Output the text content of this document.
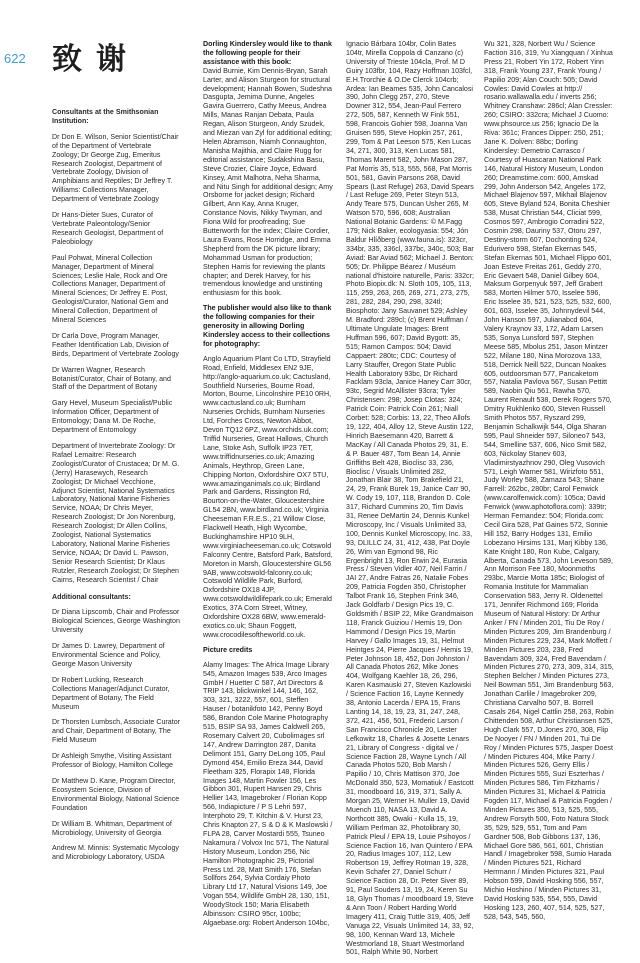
622 致谢
Consultants at the Smithsonian Institution:
Dr Don E. Wilson, Senior Scientist/Chair of the Department of Vertebrate Zoology; Dr George Zug, Emeritus Research Zoologist, Department of Vertebrate Zoology, Division of Amphibians and Reptiles; Dr Jeffrey T. Williams: Collections Manager, Department of Vertebrate Zoology
Dr Hans-Dieter Sues, Curator of Vertebrate Paleontology/Senior Research Geologist, Department of Paleobiology
Paul Pohwat, Mineral Collection Manager, Department of Mineral Sciences; Leslie Hale, Rock and Ore Collections Manager, Department of Mineral Sciences; Dr Jeffrey E. Post, Geologist/Curator, National Gem and Mineral Collection, Department of Mineral Sciences
Dr Carla Dove, Program Manager, Feather Identification Lab, Division of Birds, Department of Vertebrate Zoology
Dr Warren Wagner, Research Botanist/Curator, Chair of Botany, and Staff of the Department of Botany
Gary Hevel, Museum Specialist/Public Information Officer, Department of Entomology; Dana M. De Roche, Department of Entomology
Department of Invertebrate Zoology: Dr Rafael Lemaitre: Research Zoologist/Curator of Crustacea; Dr M. G. (Jerry) Harasewych, Research Zoologist; Dr Michael Vecchione, Adjunct Scientist, National Systematics Laboratory, National Marine Fisheries Service, NOAA; Dr Chris Meyer, Research Zoologist; Dr Jon Norenburg, Research Zoologist; Dr Allen Collins, Zoologist, National Systematics Laboratory, National Marine Fisheries Service, NOAA; Dr David L. Pawson, Senior Research Scientist; Dr Klaus Rutzler, Research Zoologist; Dr Stephen Cairns, Research Scientist / Chair
Additional consultants:
Dr Diana Lipscomb, Chair and Professor Biological Sciences, George Washington University
Dr James D. Lawrey, Department of Environmental Science and Policy, George Mason University
Dr Robert Lucking, Research Collections Manager/Adjunct Curator, Department of Botany, The Field Museum
Dr Thorsten Lumbsch, Associate Curator and Chair, Department of Botany, The Field Museum
Dr Ashleigh Smythe, Visiting Assistant Professor of Biology, Hamilton College
Dr Matthew D. Kane, Program Director, Ecosystem Science, Division of Environmental Biology, National Science Foundation
Dr William B. Whitman, Department of Microbiology, University of Georgia
Andrew M. Minnis: Systematic Mycology and Microbiology Laboratory, USDA
Dorling Kindersley would like to thank the following people for their assistance with this book:
David Burnie, Kim Dennis-Bryan, Sarah Larter, and Alison Sturgeon for structural development; Hannah Bowen, Sudeshna Dasgupta, Jemima Dunne, Angeles Gavira Guerrero, Cathy Meeus, Andrea Mills, Manas Ranjan Debata, Paula Regan, Alison Sturgeon, Andy Szudek, and Miezan van Zyl for additional editing; Helen Abramson, Niamh Connaughton, Manisha Majithia, and Claire Rugg for editorial assistance; Sudakshina Basu, Steve Crozier, Claire Joyce, Edward Kinsey, Amit Malhotra, Neha Sharma, and Nitu Singh for additional design; Amy Orsborne for jacket design; Richard Gilbert, Ann Kay, Anna Kruger, Constance Novis, Nikky Twyman, and Fiona Wild for proofreading; Sue Butterworth for the index; Claire Cordier, Laura Evans, Rose Horridge, and Emma Shepherd from the DK picture library; Mohammad Usman for production; Stephen Harris for reviewing the plants chapter; and Derek Harvey, for his tremendous knowledge and unstinting enthusiasm for this book.
The publisher would also like to thank the following companies for their generosity in allowing Dorling Kindersley access to their collections for photography:
Anglo Aquarium Plant Co LTD, Strayfield Road, Enfield, Middlesex EN2 9JE, http://anglo-aquarium.co.uk; Cactusland, Southfield Nurseries, Bourne Road, Morton, Bourne, Lincolnshire PE10 0RH, www.cactusland.co.uk; Burnham Nurseries Orchids, Burnham Nurseries Ltd, Forches Cross, Newton Abbot, Devon TQ12 6PZ, www.orchids.uk.com; Triffid Nurseries, Great Hallows, Church Lane, Stoke Ash, Suffolk IP23 7ET, www.triffidnurseries.co.uk; Amazing Animals, Heythrop, Green Lane, Chipping Norton, Oxfordshire OX7 5TU, www.amazinganimals.co.uk; Birdland Park and Gardens, Rissington Rd, Bourton-on-the-Water, Gloucestershire GL54 2BN, www.birdland.co.uk; Virginia Cheeseman F.R.E.S., 21 Willow Close, Flackwell Heath, High Wycombe, Buckinghamshire HP10 9LH, www.virginiacheeseman.co.uk; Cotswold Falconry Centre, Batsford Park, Batsford, Moreton in Marsh, Gloucestershire GL56 9AB, www.cotswold-falconry.co.uk; Cotswold Wildlife Park, Burford, Oxfordshire OX18 4JP, www.cotswoldwildlifepark.co.uk; Emerald Exotics, 37A Corn Street, Witney, Oxfordshire OX28 6BW, www.emerald-exotics.co.uk; Shaun Foggett, www.crocodilesoftheworld.co.uk.
Picture credits
Alamy Images: The Africa Image Library 545, Amazon Images 539, Arco Images GmbH / Huetter C 587, Art Directors & TRIP 143, blickwinkel 144, 146, 162, 303, 321, 3222, 557, 601, Steffen Hauser / botanikfoto 142, Penny Boyd 586, Brandon Cole Marine Photography 515, BSIP SA 93, James Caldwell 265, Rosemary Calvert 20, Cubolimages srl 147, Andrew Darrington 287, Danita Delimont 151, Garry DeLong 105, Paul Dymond 454, Emilio Ereza 344, David Fleetham 325, Florapix 148, Florida Images 148, Martin Fowler 156, Les Gibbon 301, Rupert Hansen 29, Chris Hellier 143, Imagebroker / Florian Kopp 566, Indiapicture / P S Lehri 597, Interphoto 29, T. Kitchin & V. Hurst 23, Chris Knapton 27, S & D & K Maslowski / FLPA 28, Carver Mostardi 555, Tsuneo Nakamura / Volvox Inc 571, The Natural History Museum, London 256, Nic Hamilton Photographic 29, Pictorial Press Ltd. 28, Matt Smith 176, Stefan Sollfors 264, Sylvia Cordaiy Photo Library Ltd 17, Natural Visions 149, Joe Vogan 554, Wildlife GmbH 28, 130, 151, WoodyStock 150; Maria Elisabeth Albinsson: CSIRO 95cr, 100bc; Algaebase.org: Robert Anderson 104bc,
Ignacio Bárbara 104br, Colin Bates 104tr, Mirella Coppola di Canzano (c) University of Trieste 104cla, Prof. M D Guiry 103fbr, 104, Razy Hoffman 103fcl, E.H.Trorchie & O.De Clerck 104crb; Ardea: Ian Beames 535, John Cancalosi 390, John Clegg 257, 270, Steve Downer 312, 554, Jean-Paul Ferrero 272, 505, 587, Kenneth W Fink 551, 598, Francois Gohier 598, Joanna Van Gruisen 595, Steve Hopkin 257, 261, 299, Tom & Pat Leeson 575, Ken Lucas 34, 271, 300, 313, Ken Lucas 581, Thomas Marent 582, John Mason 287, Pat Morris 35, 513, 555, 568, Pat Morris 501, 581, Gavin Parsons 268, David Spears (Last Refuge) 263, David Spears / Last Refuge 269, Peter Steyn 513, Andy Teare 575, Duncan Usher 265, M Watson 570, 596, 608; Australian National Botanic Gardens: © M.Fagg 179; Nick Baker, ecologyasia: 554; Jón Baldur Hlíðberg (www.fauna.is): 323cr, 334br, 335, 336cl, 337bc, 340c, 503; Bar Aviad: Bar Aviad 562; Michael J. Benton: 505; Dr. Philippe Béarez / Muséum national d'histoire naturelle, Paris: 332cr; Photo Biopix.dk: N. Sloth 105, 105, 113, 115, 259, 263, 265, 269, 271, 273, 275, 281, 282, 284, 290, 298, 324tl; Biosphoto: Jany Sauvanet 529; Ashley M. Bradford: 289cl; (c) Brent Huffman / Ultimate Ungulate Images: Brent Huffman 596, 607; David Bygott: 35, 515; Ramon Campos: 504; David Cappaert: 280tc; CDC: Courtesy of Larry Stauffer, Oregon State Public Health Laboratory 93bc, Dr Richard Facklam 93cla, Janice Haney Carr 30cr, 93tc, Segrid McAllister 93cra; Tyler Christensen: 298; Josep Clotas: 324; Patrick Coin: Patrick Coin 261; Niall Corbet: 528; Corbis: 13, 22, Theo Allofs 19, 122, 404, Alloy 12, Steve Austin 122, Hinrich Baesemann 420, Barrett & MacKay / All Canada Photos 29, 31, E. & P. Bauer 487, Tom Bean 14, Annie Griffiths Belt 428, Bioclisc 33, 236, Bioclisc / Visuals Unlimited 282, Jonathan Blair 38, Tom Brakefield 21, 24, 29, Frank Burek 19, Janice Carr 90, W. Cody 19, 107, 118, Brandon D. Cole 317, Richard Cummins 20, Tim Davis 31, Renee DeMartin 24, Dennis Kunkel Microscopy, Inc / Visuals Unlimited 33, 100, Dennis Kunkel Microscopy, Inc. 33, 93, DLILLC 24, 31, 412, 438, Pat Doyle 26, Wim van Egmond 98, Ric Ergenbright 13, Ron Erwin 24, Eurasia Press / Steven Vidler 407, Neil Farrin / JAI 27, Andre Fatras 26, Natalie Fobes 209, Patricia Fogden 350, Christopher Talbot Frank 16, Stephen Frink 346, Jack Goldfarb / Design Pics 19, C. Goldsmith / BSIP 22, Mike Grandmaison 118, Franck Guiziou / Hemis 19, Don Hammond / Design Pics 19, Martin Harvey / Gallo Images 19, 31, Helmut Heintges 24, Pierre Jacques / Hemis 19, Peter Johnson 18, 452, Don Johnston / All Canada Photos 262, Mike Jones 404, Wolfgang Kaehler 18, 26, 296, Karen Kasmauski 27, Steven Kazlowski / Science Faction 16, Layne Kennedy 38, Antonio Lacerda / EPA 15, Frans Lanting 14, 18, 19, 23, 31, 247, 248, 372, 421, 456, 501, Frederic Larson / San Francisco Chronicle 20, Lester Lefkowitz 18, Charles & Josette Lenars 21, Library of Congress - digital ve / Science Faction 28, Wayne Lynch / All Canada Photos 520, Bob Marsh / Papilio / 10, Chris Mattison 370, Joe McDonald 350, 523, Momatiuk / Eastcott 31, moodboard 16, 319, 371, Sally A. Morgan 25, Werner H. Muller 19, David Muench 110, NASA 13, David A. Northcott 385, Owaki - Kulla 15, 19, William Perlman 32, Photolibrary 30, Patrick Pleul / EPA 19, Louie Psihoyos / Science Faction 16, Ivan Quintero / EPA 20, Radius Images 107, 112, Lew Robertson 19, Jeffrey Rotman 19, 328, Kevin Schafer 27, Daniel Schurr / Science Faction 28, Dr. Peter Siver 89, 91, Paul Souders 13, 19, 24, Keren Su 18, Glyn Thomas / moodboard 19, Steve & Ann Toon / Robert Harding World Imagery 411, Craig Tuttle 319, 405, Jeff Vanuga 22, Visuals Unlimited 14, 33, 92, 98, 100, Kennan Ward 13, Michele Westmorland 18, Stuart Westmorland 501, Ralph White 90, Norbert
Wu 321, 328, Norbert Wu / Science Faction 316, 319, Yu Xiangquan / Xinhua Press 21, Robert Yin 172, Robert Yinn 318, Frank Young 237, Frank Young / Papilio 209; Alan Couch: 505; David Cowles: David Cowles at http:// rosario.wallawalla.edu / inverts 256; Whitney Cranshaw: 286cl; Alan Cressler: 260; CSIRO: 332cra; Michael J Cuomo: www.phsource.us 256; Ignacio De la Riva: 361c; Frances Dipper: 250, 251; Jane K. Dolven: 88bc; Dorling Kindersley: Demetrio Carrasco / Courtesy of Huascaran National Park 146, Natural History Museum, London 260; Dreamstime.com: 600, Amskad 299, John Anderson 542, Angeles 172, Michael Blajenov 597, Mikhail Blajenov 605, Steve Byland 524, Bonita Cheshier 538, Musat Christian 544, Cliciat 599, Cosmos 597, Ambrogio Corradini 522, Cosmin 298, Dauriny 537, Otoru 297, Destiny-storm 607, Dochonting 524, Edurivero 598, Stefan Ekernas 545, Stefan Ekernas 501, Michael Flippo 601, Joan Esteve Freitas 261, Geddy 270, Eric Gevaert 548, Daniel Gilbey 604, Maksum Gorpenyuk 597, Jeff Grabert 583, Morten Hilmer 570, Isselee 596, Eric Isselee 35, 521, 523, 525, 532, 600, 601, 603, Isselee 35, Johnnydevil 544, John Hanson 597, Julianabcd 604, Valery Kraynov 33, 172, Adam Larsen 535, Sonya Lunsford 597, Stephen Meese 585, Mbolus 251, Jason Mintzer 522, Milane 180, Nina Morozova 133, 518, Derrick Neill 522, Duncan Noakes 605, outdoorsman 577, Pancaketom 557, Natalia Pavlova 567, Susan Pettitt 589, Naobin Qiu 561, Rawha 570, Laurent Renault 538, Derek Rogers 570, Dmitry Rukhlenko 600, Steven Russell Smith Photos 557, Ryszard 299, Benjamin Schalkwijk 544, Olga Sharan 595, Paul Shneider 597, Siloneo7 543, 544, Smelline 537, 606, Nico Smit 582, 603, Nickolay Stanev 603, Vladimirstyazhnov 290, Oleg Vusovich 571, Leigh Warner 581, Wirizfoto 551, Judy Worley 588, Zamaza 543; Shane Farrell: 262bc, 280br; Carol Fenwick (www.carolfenwick.com): 105ca; David Fenwick (www.aphotoflora.com): 339tr; Herman Fernandez: 504; Florida.com: Cecil Gira 528, Pat Gaines 572, Sonnie Hill 152, Barry Hodges 131, Emilio Lobezano Hirsims 131, Marj Kibby 136, Kate Knight 180, Ron Kube, Calgary, Alberta, Canada 573, John Leveson 589, Ann Morrison Fee 180, Moonmoths 293bc, Marcie Motta 185c; Biologist of Romania Institute for Mammalian Conservation 583, Jerry R. Oldenettel 171, Jennifer Richmond 169; Florida Museum of Natural History: Dr Arthur Anker / FN / Minden 201, Tiu De Roy / Minden Pictures 209, Jim Brandenburg / Minden Pictures 229, 234, Mark Moffett / Minden Pictures 203, 238, Fred Bavendam 309, 324, Fred Bavendam / Minden Pictures 270, 273, 309, 314, 315, Stephen Belcher / Minden Pictures 273, Neil Bowman 551, Jim Brandenburg 563, Jonathan Carlile / Imagebroker 209, Christiana Carvalho 507, B. Borrell Casals 264, Nigel Cattlin 258, 263, Robin Chittenden 508, Arthur Christiansen 525, Hugh Clark 557, D.Jones 270, 308, Flip De Nooyer / FN / Minden 201, Tui De Roy / Minden Pictures 575, Jasper Doest / Minden Pictures 404, Mike Parry / Minden Pictures 526, Gerry Ellis / Minden Pictures 555, Suzi Eszterhas / Minden Pictures 586, Tim Fitzharris / Minden Pictures 31, Michael & Patricia Fogden 117, Michael & Patricia Fogden / Minden Pictures 350, 513, 525, 555, Andrew Forsyth 500, Foto Natura Stock 35, 529, 529, 551, Tom and Pam Gardner 508, Bob Gibbons 137, 136, Michael Gore 586, 561, 601, Christian Handl / Imagebroker 598, Sumio Harada / Minden Pictures 521, Richard Herrmann / Minden Pictures 321, Paul Hobson 599, David Hosking 556, 557, Michio Hoshino / Minden Pictures 31, David Hosking 535, 554, 555, David Hosking 123, 260, 407, 514, 525, 527, 528, 543, 545, 560,
